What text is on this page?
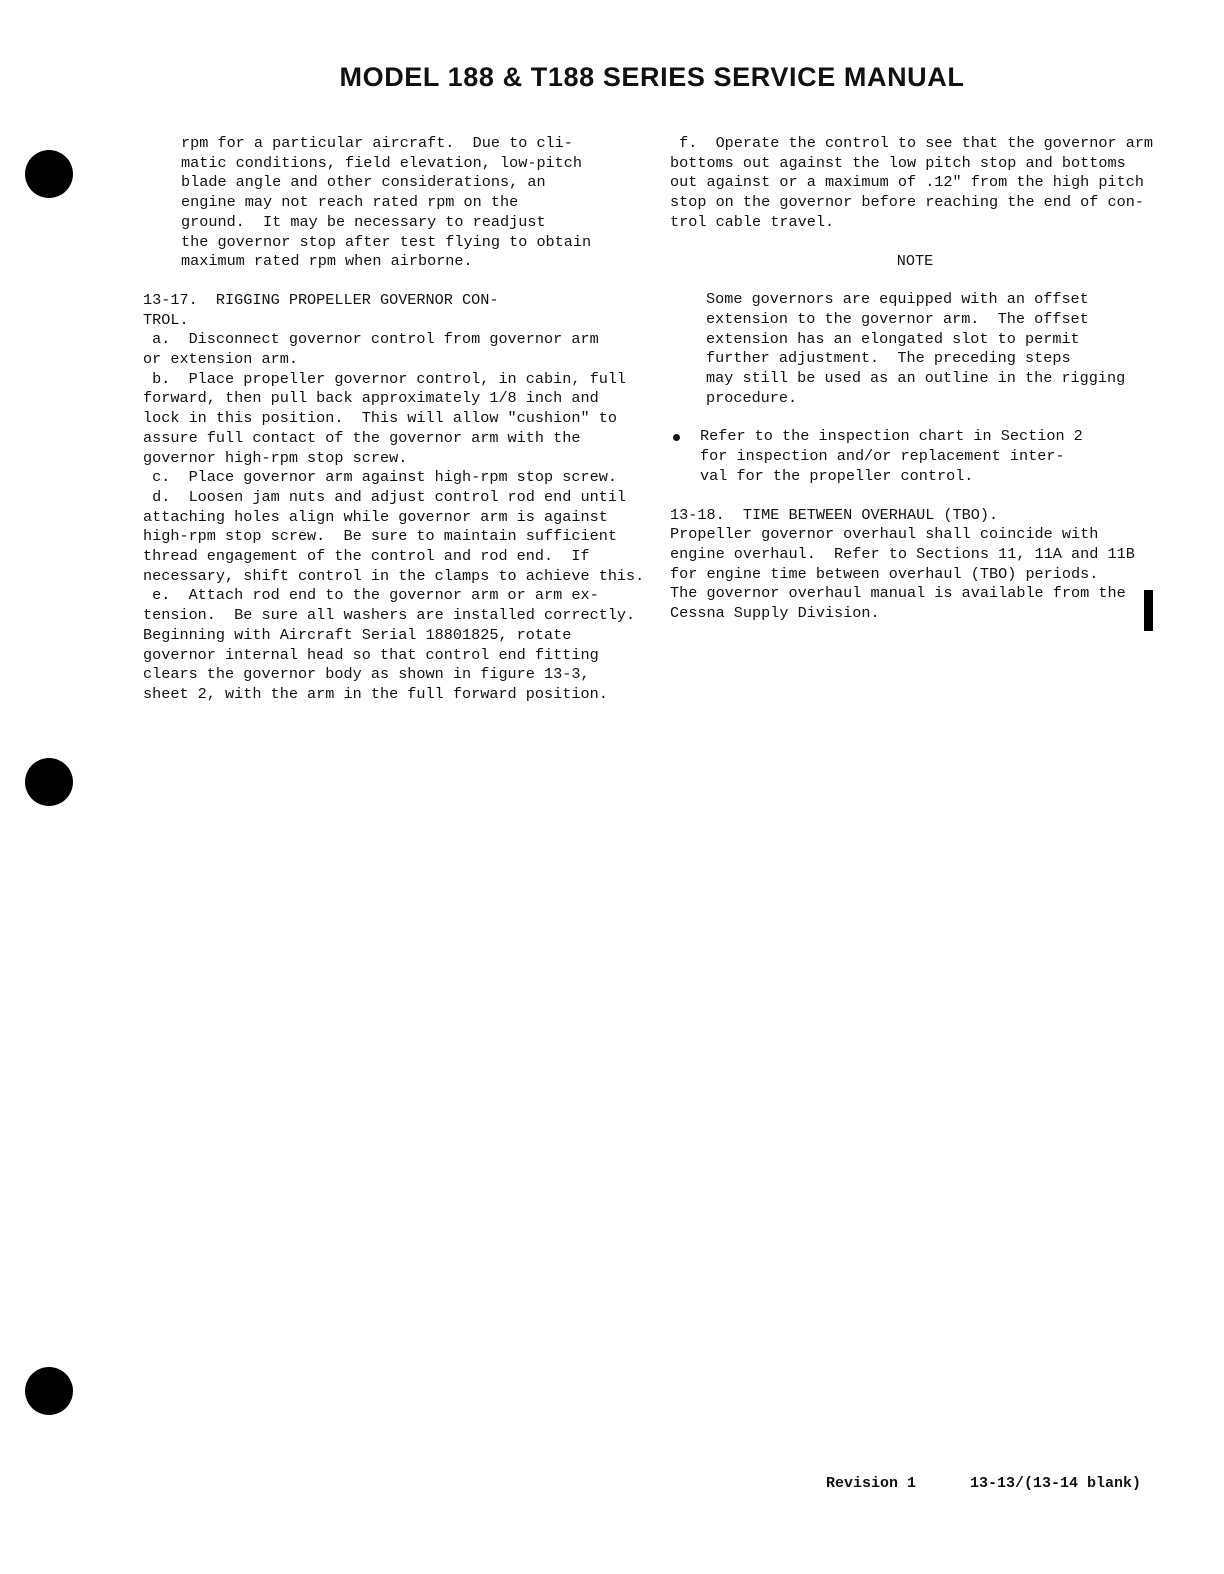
MODEL 188 & T188 SERIES SERVICE MANUAL
rpm for a particular aircraft.  Due to cli-
matic conditions, field elevation, low-pitch
blade angle and other considerations, an
engine may not reach rated rpm on the
ground.  It may be necessary to readjust
the governor stop after test flying to obtain
maximum rated rpm when airborne.
13-17.  RIGGING PROPELLER GOVERNOR CON-
TROL.
a.  Disconnect governor control from governor arm
or extension arm.
b.  Place propeller governor control, in cabin, full
forward, then pull back approximately 1/8 inch and
lock in this position.  This will allow "cushion" to
assure full contact of the governor arm with the
governor high-rpm stop screw.
c.  Place governor arm against high-rpm stop screw.
d.  Loosen jam nuts and adjust control rod end until
attaching holes align while governor arm is against
high-rpm stop screw.  Be sure to maintain sufficient
thread engagement of the control and rod end.  If
necessary, shift control in the clamps to achieve this.
e.  Attach rod end to the governor arm or arm ex-
tension.  Be sure all washers are installed correctly.
Beginning with Aircraft Serial 18801825, rotate
governor internal head so that control end fitting
clears the governor body as shown in figure 13-3,
sheet 2, with the arm in the full forward position.
f.  Operate the control to see that the governor arm
bottoms out against the low pitch stop and bottoms
out against or a maximum of .12" from the high pitch
stop on the governor before reaching the end of con-
trol cable travel.
NOTE
Some governors are equipped with an offset
extension to the governor arm.  The offset
extension has an elongated slot to permit
further adjustment.  The preceding steps
may still be used as an outline in the rigging
procedure.
Refer to the inspection chart in Section 2
for inspection and/or replacement inter-
val for the propeller control.
13-18.  TIME BETWEEN OVERHAUL (TBO).
Propeller governor overhaul shall coincide with
engine overhaul.  Refer to Sections 11, 11A and 11B
for engine time between overhaul (TBO) periods.
The governor overhaul manual is available from the
Cessna Supply Division.
Revision 1	13-13/(13-14 blank)
